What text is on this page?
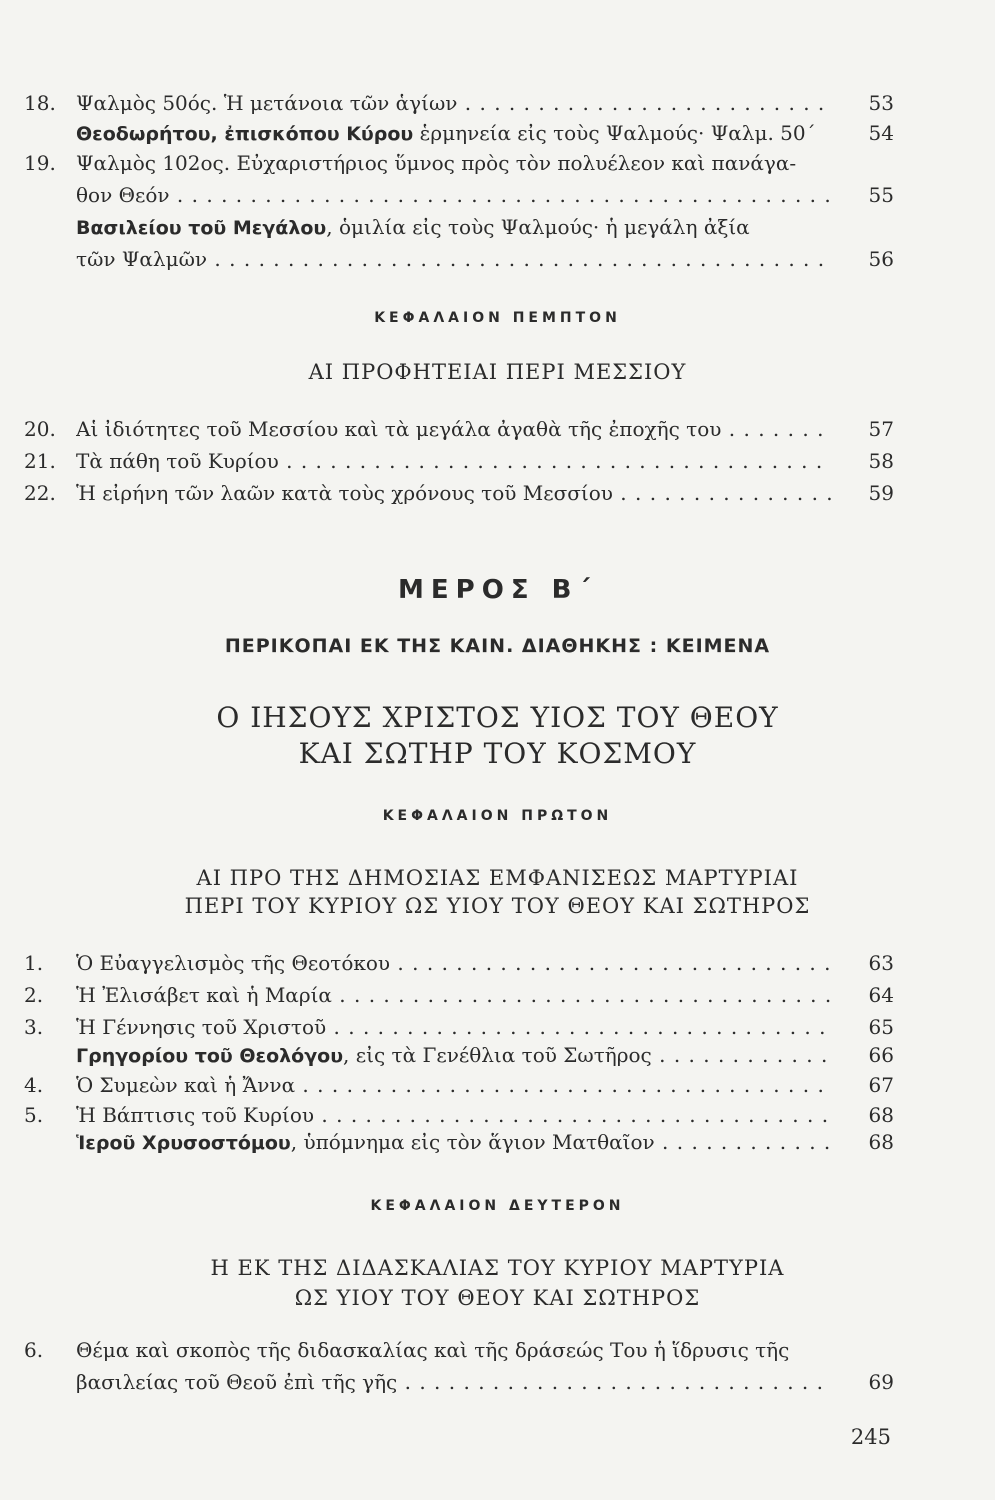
18. Ψαλμὸς 50ός. Ἡ μετάνοια τῶν ἁγίων . . .	53
Θεοδωρήτου, ἐπισκόπου Κύρου ἑρμηνεία εἰς τοὺς Ψαλμούς· Ψαλμ. 50΄	54
19. Ψαλμὸς 102ος. Εὐχαριστήριος ὕμνος πρὸς τὸν πολυέλεον καὶ πανάγα-
θον Θεόν . . .	55
Βασιλείου τοῦ Μεγάλου, ὁμιλία εἰς τοὺς Ψαλμούς· ἡ μεγάλη ἀξία
τῶν Ψαλμῶν . . .	56
ΚΕΦΑΛΑΙΟΝ ΠΕΜΠΤΟΝ
ΑΙ ΠΡΟΦΗΤΕΙΑΙ ΠΕΡΙ ΜΕΣΣΙΟΥ
20. Αἱ ἰδιότητες τοῦ Μεσσίου καὶ τὰ μεγάλα ἀγαθὰ τῆς ἐποχῆς του . . .	57
21. Τὰ πάθη τοῦ Κυρίου . . .	58
22. Ἡ εἰρήνη τῶν λαῶν κατὰ τοὺς χρόνους τοῦ Μεσσίου . . .	59
ΜΕΡΟΣ Β΄
ΠΕΡΙΚΟΠΑΙ ΕΚ ΤΗΣ ΚΑΙΝ. ΔΙΑΘΗΚΗΣ : ΚΕΙΜΕΝΑ
Ο ΙΗΣΟΥΣ ΧΡΙΣΤΟΣ ΥΙΟΣ ΤΟΥ ΘΕΟΥ
ΚΑΙ ΣΩΤΗΡ ΤΟΥ ΚΟΣΜΟΥ
ΚΕΦΑΛΑΙΟΝ ΠΡΩΤΟΝ
ΑΙ ΠΡΟ ΤΗΣ ΔΗΜΟΣΙΑΣ ΕΜΦΑΝΙΣΕΩΣ ΜΑΡΤΥΡΙΑΙ
ΠΕΡΙ ΤΟΥ ΚΥΡΙΟΥ ΩΣ ΥΙΟΥ ΤΟΥ ΘΕΟΥ ΚΑΙ ΣΩΤΗΡΟΣ
1. Ὁ Εὐαγγελισμὸς τῆς Θεοτόκου . . .	63
2. Ἡ Ἐλισάβετ καὶ ἡ Μαρία . . .	64
3. Ἡ Γέννησις τοῦ Χριστοῦ . . .	65
Γρηγορίου τοῦ Θεολόγου, εἰς τὰ Γενέθλια τοῦ Σωτῆρος . . .	66
4. Ὁ Συμεὼν καὶ ἡ Ἄννα . . .	67
5. Ἡ Βάπτισις τοῦ Κυρίου . . .	68
Ἱεροῦ Χρυσοστόμου, ὑπόμνημα εἰς τὸν ἅγιον Ματθαῖον . . .	68
ΚΕΦΑΛΑΙΟΝ ΔΕΥΤΕΡΟΝ
Η ΕΚ ΤΗΣ ΔΙΔΑΣΚΑΛΙΑΣ ΤΟΥ ΚΥΡΙΟΥ ΜΑΡΤΥΡΙΑ
ΩΣ ΥΙΟΥ ΤΟΥ ΘΕΟΥ ΚΑΙ ΣΩΤΗΡΟΣ
6. Θέμα καὶ σκοπὸς τῆς διδασκαλίας καὶ τῆς δράσεώς Του ἡ ἵδρυσις τῆς
βασιλείας τοῦ Θεοῦ ἐπὶ τῆς γῆς . . .	69
245
